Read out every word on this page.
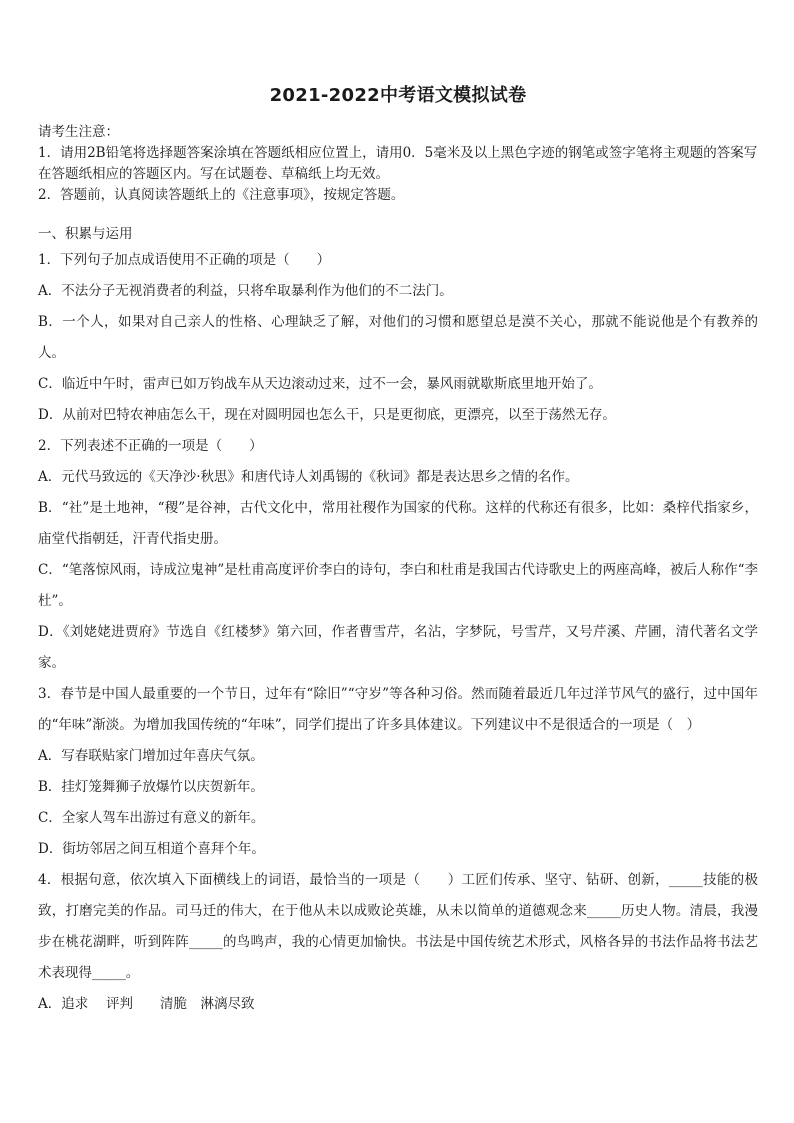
2021-2022中考语文模拟试卷

请考生注意：

1．请用2B铅笔将选择题答案涂填在答题纸相应位置上，请用0．5毫米及以上黑色字迹的钢笔或签字笔将主观题的答案写在答题纸相应的答题区内。写在试题卷、草稿纸上均无效。

2．答题前，认真阅读答题纸上的《注意事项》，按规定答题。

一、积累与运用

1．下列句子加点成语使用不正确的项是（　　）

A．不法分子无视消费者的利益，只将牟取暴利作为他们的不二法门。

B．一个人，如果对自己亲人的性格、心理缺乏了解，对他们的习惯和愿望总是漠不关心，那就不能说他是个有教养的人。

C．临近中午时，雷声已如万钧战车从天边滚动过来，过不一会，暴风雨就歇斯底里地开始了。

D．从前对巴特农神庙怎么干，现在对圆明园也怎么干，只是更彻底，更漂亮，以至于荡然无存。

2．下列表述不正确的一项是（　　）

A．元代马致远的《天净沙·秋思》和唐代诗人刘禹锡的《秋词》都是表达思乡之情的名作。

B．“社”是土地神，“稷”是谷神，古代文化中，常用社稷作为国家的代称。这样的代称还有很多，比如：桑梓代指家乡，庙堂代指朝廷，汗青代指史册。

C．“笔落惊风雨，诗成泣鬼神”是杜甫高度评价李白的诗句，李白和杜甫是我国古代诗歌史上的两座高峰，被后人称作“李杜”。

D．《刘姥姥进贾府》节选自《红楼梦》第六回，作者曹雪芹，名沾，字梦阮，号雪芹，又号芹溪、芹圃，清代著名文学家。

3．春节是中国人最重要的一个节日，过年有“除旧”“守岁”等各种习俗。然而随着最近几年过洋节风气的盛行，过中国年的“年味”渐淡。为增加我国传统的“年味”，同学们提出了许多具体建议。下列建议中不是很适合的一项是（　）

A．写春联贴家门增加过年喜庆气氛。

B．挂灯笼舞狮子放爆竹以庆贺新年。

C．全家人驾车出游过有意义的新年。

D．街坊邻居之间互相道个喜拜个年。

4．根据句意，依次填入下面横线上的词语，最恰当的一项是（　　）工匠们传承、坚守、钻研、创新，_____技能的极致，打磨完美的作品。司马迁的伟大，在于他从未以成败论英雄，从未以简单的道德观念来_____历史人物。清晨，我漫步在桃花湖畔，听到阵阵_____的鸟鸣声，我的心情更加愉快。书法是中国传统艺术形式，风格各异的书法作品将书法艺术表现得_____。

A．追求　 评判　　清脆　淋漓尽致
